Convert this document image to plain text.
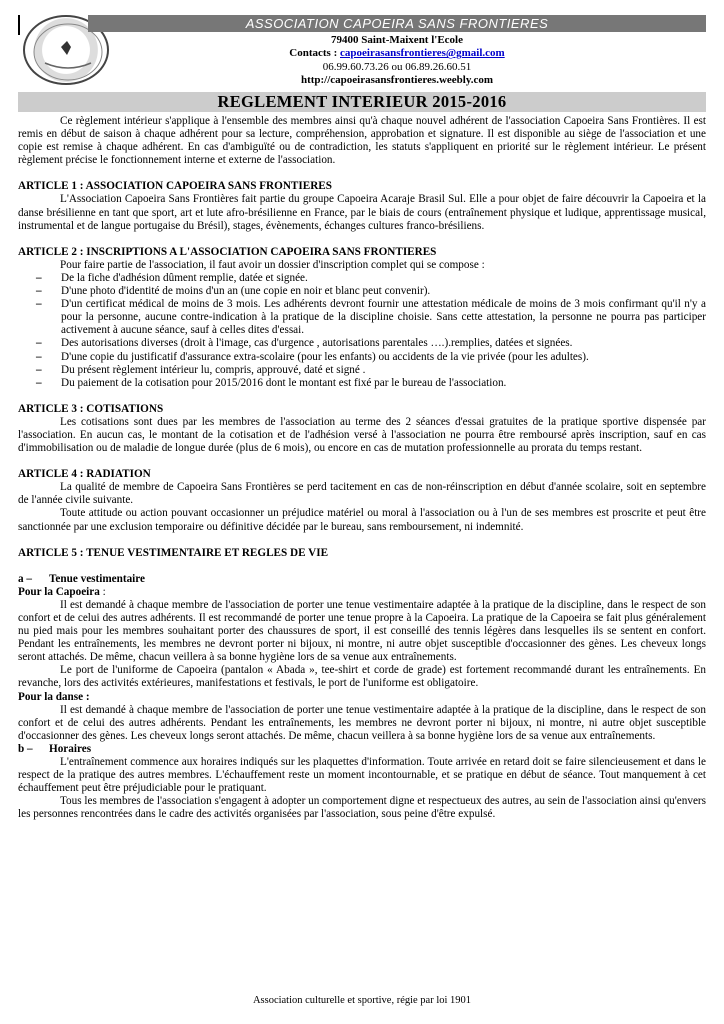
ASSOCIATION CAPOEIRA SANS FRONTIERES
79400 Saint-Maixent l'Ecole
Contacts : capoeirasansfrontieres@gmail.com
06.99.60.73.26 ou 06.89.26.60.51
http://capoeirasansfrontieres.weebly.com
REGLEMENT INTERIEUR 2015-2016

Ce règlement intérieur s'applique à l'ensemble des membres ainsi qu'à chaque nouvel adhérent de l'association Capoeira Sans Frontières. Il est remis en début de saison à chaque adhérent pour sa lecture, compréhension, approbation et signature. Il est disponible au siège de l'association et une copie est remise à chaque adhérent. En cas d'ambiguïté ou de contradiction, les statuts s'appliquent en priorité sur le règlement intérieur. Le présent règlement précise le fonctionnement interne et externe de l'association.

ARTICLE 1 : ASSOCIATION CAPOEIRA SANS FRONTIERES

L'Association Capoeira Sans Frontières fait partie du groupe Capoeira Acaraje Brasil Sul. Elle a pour objet de faire découvrir la Capoeira et la danse brésilienne en tant que sport, art et lute afro-brésilienne en France, par le biais de cours (entraînement physique et ludique, apprentissage musical, instrumental et de langue portugaise du Brésil), stages, évènements, échanges cultures franco-brésiliens.

ARTICLE 2 : INSCRIPTIONS A L'ASSOCIATION CAPOEIRA SANS FRONTIERES

Pour faire partie de l'association, il faut avoir un dossier d'inscription complet qui se compose :

– De la fiche d'adhésion dûment remplie, datée et signée.
– D'une photo d'identité de moins d'un an (une copie en noir et blanc peut convenir).
– D'un certificat médical de moins de 3 mois. Les adhérents devront fournir une attestation médicale de moins de 3 mois confirmant qu'il n'y a pour la personne, aucune contre-indication à la pratique de la discipline choisie. Sans cette attestation, la personne ne pourra pas participer activement à aucune séance, sauf à celles dites d'essai.
– Des autorisations diverses (droit à l'image, cas d'urgence , autorisations parentales ….).remplies, datées et signées.
– D'une copie du justificatif d'assurance extra-scolaire (pour les enfants) ou accidents de la vie privée (pour les adultes).
– Du présent règlement intérieur lu, compris, approuvé, daté et signé .
– Du paiement de la cotisation pour 2015/2016 dont le montant est fixé par le bureau de l'association.
ARTICLE 3 : COTISATIONS

Les cotisations sont dues par les membres de l'association au terme des 2 séances d'essai gratuites de la pratique sportive dispensée par l'association. En aucun cas, le montant de la cotisation et de l'adhésion versé à l'association ne pourra être remboursé après inscription, sauf en cas d'immobilisation ou de maladie de longue durée (plus de 6 mois), ou encore en cas de mutation professionnelle au prorata du temps restant.

ARTICLE 4 : RADIATION

La qualité de membre de Capoeira Sans Frontières se perd tacitement en cas de non-réinscription en début d'année scolaire, soit en septembre de l'année civile suivante.

Toute attitude ou action pouvant occasionner un préjudice matériel ou moral à l'association ou à l'un de ses membres est proscrite et peut être sanctionnée par une exclusion temporaire ou définitive décidée par le bureau, sans remboursement, ni indemnité.

ARTICLE 5 : TENUE VESTIMENTAIRE ET REGLES DE VIE
a – Tenue vestimentaire
Pour la Capoeira :

Il est demandé à chaque membre de l'association de porter une tenue vestimentaire adaptée à la pratique de la discipline, dans le respect de son confort et de celui des autres adhérents. Il est recommandé de porter une tenue propre à la Capoeira. La pratique de la Capoeira se fait plus généralement nu pied mais pour les membres souhaitant porter des chaussures de sport, il est conseillé des tennis légères dans lesquelles ils se sentent en confort. Pendant les entraînements, les membres ne devront porter ni bijoux, ni montre, ni autre objet susceptible d'occasionner des gènes. Les cheveux longs seront attachés. De même, chacun veillera à sa bonne hygiène lors de sa venue aux entraînements.

Le port de l'uniforme de Capoeira (pantalon « Abada », tee-shirt et corde de grade) est fortement recommandé durant les entraînements. En revanche, lors des activités extérieures, manifestations et festivals, le port de l'uniforme est obligatoire.

Pour la danse :

Il est demandé à chaque membre de l'association de porter une tenue vestimentaire adaptée à la pratique de la discipline, dans le respect de son confort et de celui des autres adhérents. Pendant les entraînements, les membres ne devront porter ni bijoux, ni montre, ni autre objet susceptible d'occasionner des gènes. Les cheveux longs seront attachés. De même, chacun veillera à sa bonne hygiène lors de sa venue aux entraînements.

b – Horaires

L'entraînement commence aux horaires indiqués sur les plaquettes d'information. Toute arrivée en retard doit se faire silencieusement et dans le respect de la pratique des autres membres. L'échauffement reste un moment incontournable, et se pratique en début de séance. Tout manquement à cet échauffement peut être préjudiciable pour le pratiquant.

Tous les membres de l'association s'engagent à adopter un comportement digne et respectueux des autres, au sein de l'association ainsi qu'envers les personnes rencontrées dans le cadre des activités organisées par l'association, sous peine d'être expulsé.

Association culturelle et sportive, régie par loi 1901
